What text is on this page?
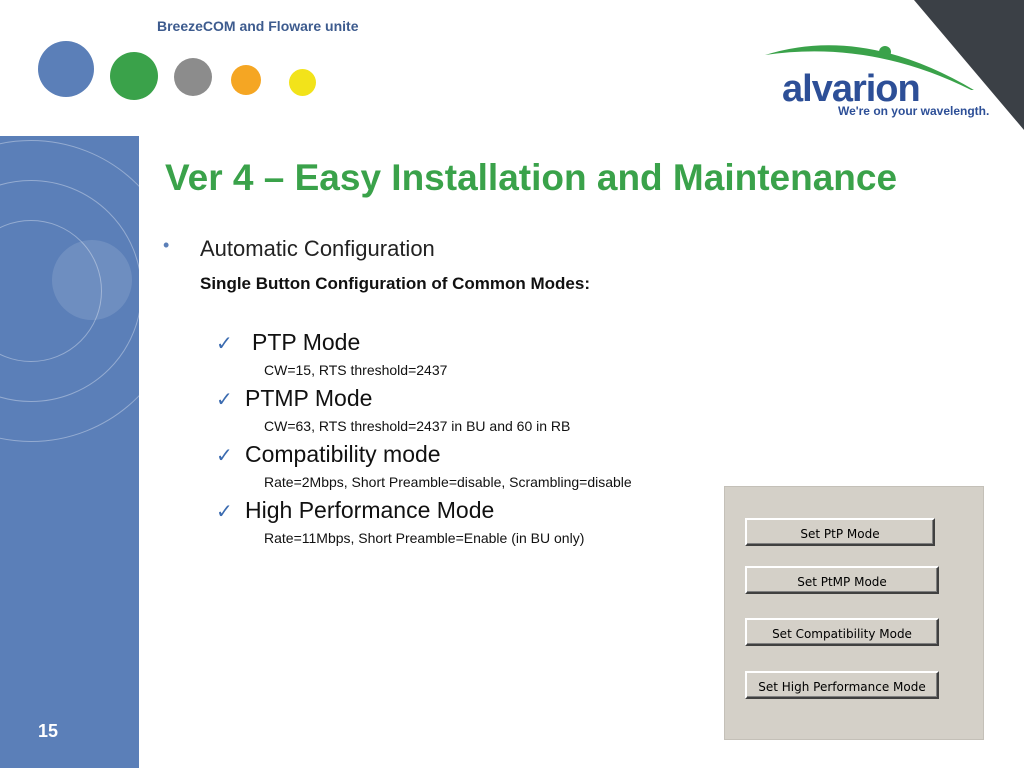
BreezeCOM and Floware unite
alvarion
We're on your wavelength.
Ver 4 – Easy Installation and Maintenance
• Automatic Configuration
Single Button Configuration of Common Modes:
✓ PTP Mode
CW=15, RTS threshold=2437
✓ PTMP Mode
CW=63, RTS threshold=2437 in BU and 60 in RB
✓ Compatibility mode
Rate=2Mbps, Short Preamble=disable, Scrambling=disable
✓ High Performance Mode
Rate=11Mbps, Short Preamble=Enable (in BU only)	Set PtP Mode
Set PtMP Mode
Set Compatibility Mode
Set High Performance Mode
15
